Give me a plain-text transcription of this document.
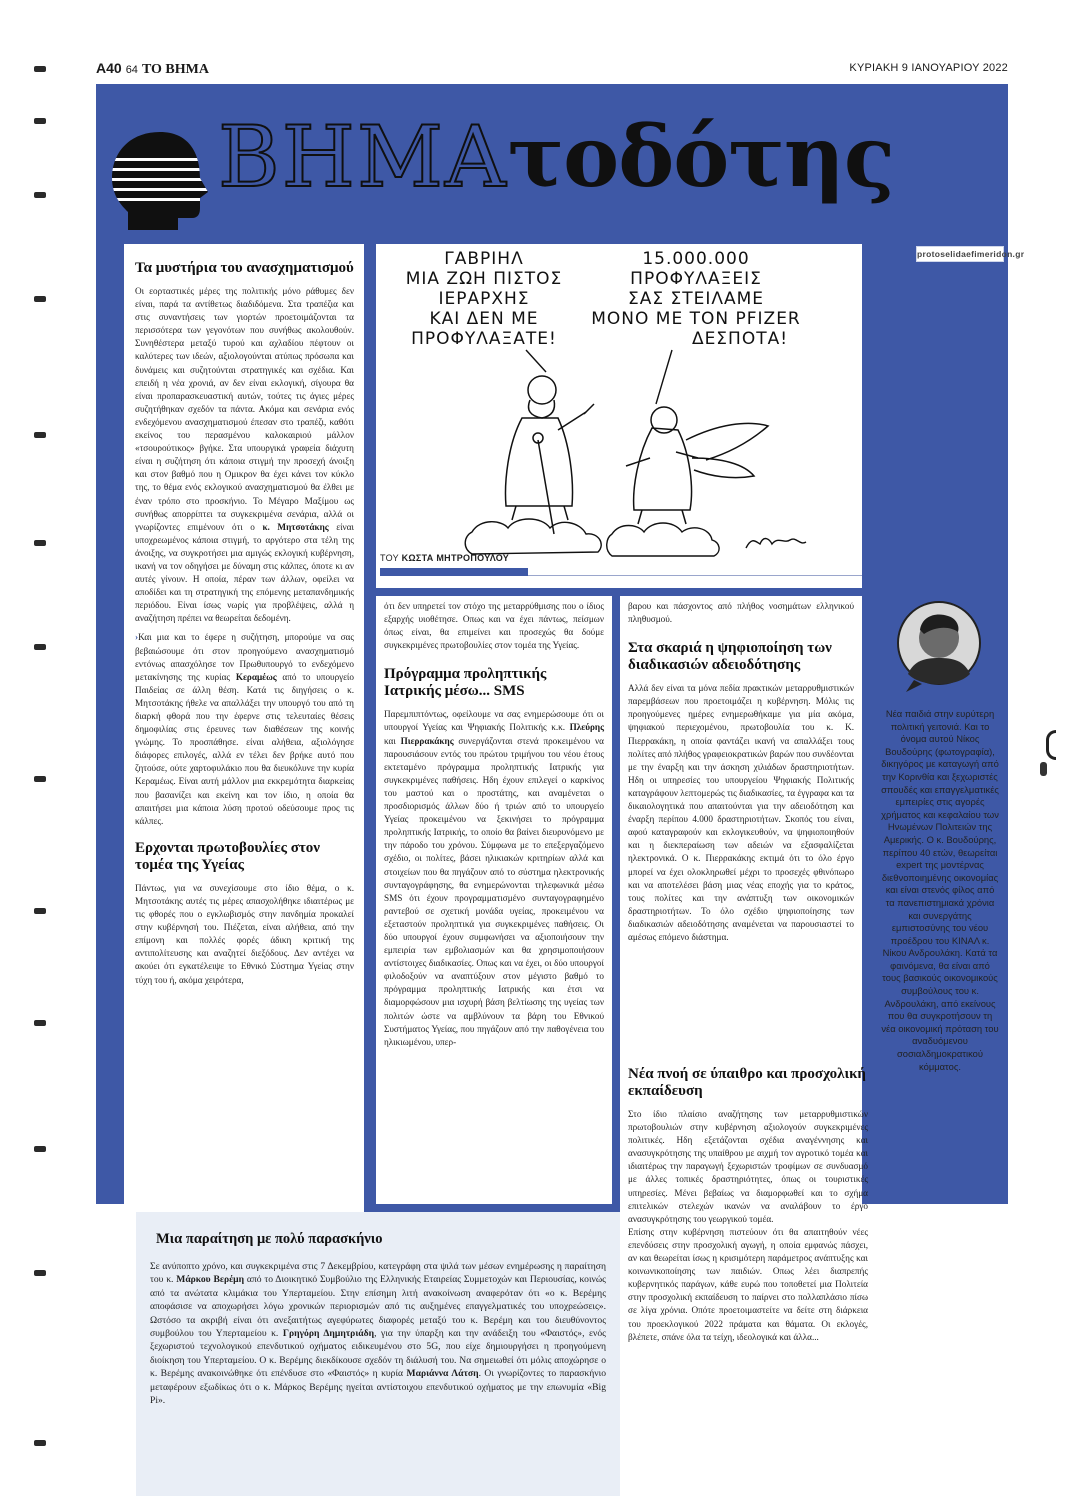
A40 64 ΤΟ ΒΗΜΑ	ΚΥΡΙΑΚΗ 9 ΙΑΝΟΥΑΡΙΟΥ 2022
ΒΗΜΑτοδότης
protoselidaefimeridon.gr
Τα μυστήρια του ανασχηματισμού

Οι εορταστικές μέρες της πολιτικής μόνο ράθυμες δεν είναι, παρά τα αντίθετως διαδιδόμενα. Στα τραπέζια και στις συναντήσεις των γιορτών προετοιμάζονται τα περισσότερα των γεγονότων που συνήθως ακολουθούν. Συνηθέστερα μεταξύ τυρού και αχλαδίου πέφτουν οι καλύτερες των ιδεών, αξιολογούνται ατύπως πρόσωπα και δυνάμεις και συζητούνται στρατηγικές και σχέδια. Και επειδή η νέα χρονιά, αν δεν είναι εκλογική, σίγουρα θα είναι προπαρασκευαστική αυτών, τούτες τις άγιες μέρες συζητήθηκαν σχεδόν τα πάντα. Ακόμα και σενάρια ενός ενδεχόμενου ανασχηματισμού έπεσαν στο τραπέζι, καθότι εκείνος του περασμένου καλοκαιριού μάλλον «τσουρούτικος» βγήκε. Στα υπουργικά γραφεία διάχυτη είναι η συζήτηση ότι κάποια στιγμή την προσεχή άνοιξη και στον βαθμό που η Ομικρον θα έχει κάνει τον κύκλο της, το θέμα ενός εκλογικού ανασχηματισμού θα έλθει με έναν τρόπο στο προσκήνιο. Το Μέγαρο Μαξίμου ως συνήθως απορρίπτει τα συγκεκριμένα σενάρια, αλλά οι γνωρίζοντες επιμένουν ότι ο κ. Μητσοτάκης είναι υποχρεωμένος κάποια στιγμή, το αργότερο στα τέλη της άνοιξης, να συγκροτήσει μια αμιγώς εκλογική κυβέρνηση, ικανή να τον οδηγήσει με δύναμη στις κάλπες, όποτε κι αν αυτές γίνουν. Η οποία, πέραν των άλλων, οφείλει να αποδίδει και τη στρατηγική της επόμενης μεταπανδημικής περιόδου. Είναι ίσως νωρίς για προβλέψεις, αλλά η αναζήτηση πρέπει να θεωρείται δεδομένη.

›Και μια και το έφερε η συζήτηση, μπορούμε να σας βεβαιώσουμε ότι στον προηγούμενο ανασχηματισμό εντόνως απασχόλησε τον Πρωθυπουργό το ενδεχόμενο μετακίνησης της κυρίας Κεραμέως από το υπουργείο Παιδείας σε άλλη θέση. Κατά τις διηγήσεις ο κ. Μητσοτάκης ήθελε να απαλλάξει την υπουργό του από τη διαρκή φθορά που την έφερνε στις τελευταίες θέσεις δημοφιλίας στις έρευνες των διαθέσεων της κοινής γνώμης. Το προσπάθησε. είναι αλήθεια, αξιολόγησε διάφορες επιλογές, αλλά εν τέλει δεν βρήκε αυτό που ζητούσε, ούτε χαρτοφυλάκιο που θα διευκόλυνε την κυρία Κεραμέως. Είναι αυτή μάλλον μια εκκρεμότητα διαρκείας που βασανίζει και εκείνη και τον ίδιο, η οποία θα απαιτήσει μια κάποια λύση προτού οδεύσουμε προς τις κάλπες.

Ερχονται πρωτοβουλίες στον τομέα της Υγείας

Πάντως, για να συνεχίσουμε στο ίδιο θέμα, ο κ. Μητσοτάκης αυτές τις μέρες απασχολήθηκε ιδιαιτέρως με τις φθορές που ο εγκλωβισμός στην πανδημία προκαλεί στην κυβέρνησή του. Πιέζεται, είναι αλήθεια, από την επίμονη και πολλές φορές άδικη κριτική της αντιπολίτευσης και αναζητεί διεξόδους. Δεν αντέχει να ακούει ότι εγκατέλειψε το Εθνικό Σύστημα Υγείας στην τύχη του ή, ακόμα χειρότερα,

ΓΑΒΡΙΗΛ
ΜΙΑ ΖΩΗ ΠΙΣΤΟΣ
ΙΕΡΑΡΧΗΣ
ΚΑΙ ΔΕΝ ΜΕ
ΠΡΟΦΥΛΑΞΑΤΕ!
15.000.000
ΠΡΟΦΥΛΑΞΕΙΣ
ΣΑΣ ΣΤΕΙΛΑΜΕ
ΜΟΝΟ ΜΕ ΤΟΝ PFIZER
ΔΕΣΠΟΤΑ!
ΤΟΥ ΚΩΣΤΑ ΜΗΤΡΟΠΟΥΛΟΥ

ότι δεν υπηρετεί τον στόχο της μεταρρύθμισης που ο ίδιος εξαρχής υιοθέτησε. Οπως και να έχει πάντως, πείσμων όπως είναι, θα επιμείνει και προσεχώς θα δούμε συγκεκριμένες πρωτοβουλίες στον τομέα της Υγείας.

Πρόγραμμα προληπτικής Ιατρικής μέσω... SMS

Παρεμπιπτόντως, οφείλουμε να σας ενημερώσουμε ότι οι υπουργοί Υγείας και Ψηφιακής Πολιτικής κ.κ. Πλεύρης και Πιερρακάκης συνεργάζονται στενά προκειμένου να παρουσιάσουν εντός του πρώτου τριμήνου του νέου έτους εκτεταμένο πρόγραμμα προληπτικής Ιατρικής για συγκεκριμένες παθήσεις. Ηδη έχουν επιλεγεί ο καρκίνος του μαστού και ο προστάτης, και αναμένεται ο προσδιορισμός άλλων δύο ή τριών από το υπουργείο Υγείας προκειμένου να ξεκινήσει το πρόγραμμα προληπτικής Ιατρικής, το οποίο θα βαίνει διευρυνόμενο με την πάροδο του χρόνου. Σύμφωνα με το επεξεργαζόμενο σχέδιο, οι πολίτες, βάσει ηλικιακών κριτηρίων αλλά και στοιχείων που θα πηγάζουν από το σύστημα ηλεκτρονικής συνταγογράφησης, θα ενημερώνονται τηλεφωνικά μέσω SMS ότι έχουν προγραμματισμένο συνταγογραφημένο ραντεβού σε σχετική μονάδα υγείας, προκειμένου να εξεταστούν προληπτικά για συγκεκριμένες παθήσεις. Οι δύο υπουργοί έχουν συμφωνήσει να αξιοποιήσουν την εμπειρία των εμβολιασμών και θα χρησιμοποιήσουν αντίστοιχες διαδικασίες. Οπως και να έχει, οι δύο υπουργοί φιλοδοξούν να αναπτύξουν στον μέγιστο βαθμό το πρόγραμμα προληπτικής Ιατρικής και έτσι να διαμορφώσουν μια ισχυρή βάση βελτίωσης της υγείας των πολιτών ώστε να αμβλύνουν τα βάρη του Εθνικού Συστήματος Υγείας, που πηγάζουν από την παθογένεια του ηλικιωμένου, υπερ-

βαρου και πάσχοντος από πλήθος νοσημάτων ελληνικού πληθυσμού.

Στα σκαριά η ψηφιοποίηση των διαδικασιών αδειοδότησης

Αλλά δεν είναι τα μόνα πεδία πρακτικών μεταρρυθμιστικών παρεμβάσεων που προετοιμάζει η κυβέρνηση. Μόλις τις προηγούμενες ημέρες ενημερωθήκαμε για μία ακόμα, ψηφιακού περιεχομένου, πρωτοβουλία του κ. Κ. Πιερρακάκη, η οποία φαντάζει ικανή να απαλλάξει τους πολίτες από πλήθος γραφειοκρατικών βαρών που συνδέονται με την έναρξη και την άσκηση χιλιάδων δραστηριοτήτων. Ηδη οι υπηρεσίες του υπουργείου Ψηφιακής Πολιτικής καταγράφουν λεπτομερώς τις διαδικασίες, τα έγγραφα και τα δικαιολογητικά που απαιτούνται για την αδειοδότηση και έναρξη περίπου 4.000 δραστηριοτήτων. Σκοπός του είναι, αφού καταγραφούν και εκλογικευθούν, να ψηφιοποιηθούν και η διεκπεραίωση των αδειών να εξασφαλίζεται ηλεκτρονικά. Ο κ. Πιερρακάκης εκτιμά ότι το όλο έργο μπορεί να έχει ολοκληρωθεί μέχρι το προσεχές φθινόπωρο και να αποτελέσει βάση μιας νέας εποχής για το κράτος, τους πολίτες και την ανάπτυξη των οικονομικών δραστηριοτήτων. Το όλο σχέδιο ψηφιοποίησης των διαδικασιών αδειοδότησης αναμένεται να παρουσιαστεί το αμέσως επόμενο διάστημα.

Νέα πνοή σε ύπαιθρο και προσχολική εκπαίδευση

Στο ίδιο πλαίσιο αναζήτησης των μεταρρυθμιστικών πρωτοβουλιών στην κυβέρνηση αξιολογούν συγκεκριμένες πολιτικές. Ηδη εξετάζονται σχέδια αναγέννησης και ανασυγκρότησης της υπαίθρου με αιχμή τον αγροτικό τομέα και ιδιαιτέρως την παραγωγή ξεχωριστών τροφίμων σε συνδυασμό με άλλες τοπικές δραστηριότητες, όπως οι τουριστικές υπηρεσίες. Μένει βεβαίως να διαμορφωθεί και το σχήμα επιτελικών στελεχών ικανών να αναλάβουν το έργο ανασυγκρότησης του γεωργικού τομέα.

Επίσης στην κυβέρνηση πιστεύουν ότι θα απαιτηθούν νέες επενδύσεις στην προσχολική αγωγή, η οποία εμφανώς πάσχει, αν και θεωρείται ίσως η κρισιμότερη παράμετρος ανάπτυξης και κοινωνικοποίησης των παιδιών. Οπως λέει διαπρεπής κυβερνητικός παράγων, κάθε ευρώ που τοποθετεί μια Πολιτεία στην προσχολική εκπαίδευση το παίρνει στο πολλαπλάσιο πίσω σε λίγα χρόνια. Οπότε προετοιμαστείτε να δείτε στη διάρκεια του προεκλογικού 2022 πράματα και θάματα. Οι εκλογές, βλέπετε, σπάνε όλα τα τείχη, ιδεολογικά και άλλα...

Νέα παιδιά στην ευρύτερη πολιτική γειτονιά. Και το όνομα αυτού Νίκος Βουδούρης (φωτογραφία), δικηγόρος με καταγωγή από την Κορινθία και ξεχωριστές σπουδές και επαγγελματικές εμπειρίες στις αγορές χρήματος και κεφαλαίου των Ηνωμένων Πολιτειών της Αμερικής. Ο κ. Βουδούρης, περίπου 40 ετών, θεωρείται expert της μοντέρνας διεθνοποιημένης οικονομίας και είναι στενός φίλος από τα πανεπιστημιακά χρόνια και συνεργάτης εμπιστοσύνης του νέου προέδρου του ΚΙΝΑΛ κ. Νίκου Ανδρουλάκη. Κατά τα φαινόμενα, θα είναι από τους βασικούς οικονομικούς συμβούλους του κ. Ανδρουλάκη, από εκείνους που θα συγκροτήσουν τη νέα οικονομική πρόταση του αναδυόμενου σοσιαλδημοκρατικού κόμματος.
Μια παραίτηση με πολύ παρασκήνιο
Σε ανύποπτο χρόνο, και συγκεκριμένα στις 7 Δεκεμβρίου, κατεγράφη στα ψιλά των μέσων ενημέρωσης η παραίτηση του κ. Μάρκου Βερέμη από το Διοικητικό Συμβούλιο της Ελληνικής Εταιρείας Συμμετοχών και Περιουσίας, κοινώς από τα ανώτατα κλιμάκια του Υπερταμείου. Στην επίσημη λιτή ανακοίνωση αναφερόταν ότι «ο κ. Βερέμης αποφάσισε να αποχωρήσει λόγω χρονικών περιορισμών από τις αυξημένες επαγγελματικές του υποχρεώσεις». Ωστόσο τα ακριβή είναι ότι ανεξαιτήτως αγεφύρωτες διαφορές μεταξύ του κ. Βερέμη και του διευθύνοντος συμβούλου του Υπερταμείου κ. Γρηγόρη Δημητριάδη, για την ύπαρξη και την ανάδειξη του «Φαιστός», ενός ξεχωριστού τεχνολογικού επενδυτικού οχήματος ειδικευμένου στο 5G, που είχε δημιουργήσει η προηγούμενη διοίκηση του Υπερταμείου. Ο κ. Βερέμης διεκδίκουσε σχεδόν τη διάλυσή του. Να σημειωθεί ότι μόλις αποχώρησε ο κ. Βερέμης ανακοινώθηκε ότι επένδυσε στο «Φαιστός» η κυρία Μαριάννα Λάτση. Οι γνωρίζοντες το παρασκήνιο μεταφέρουν εξωδίκως ότι ο κ. Μάρκος Βερέμης ηγείται αντίστοιχου επενδυτικού οχήματος με την επωνυμία «Big Pi».
